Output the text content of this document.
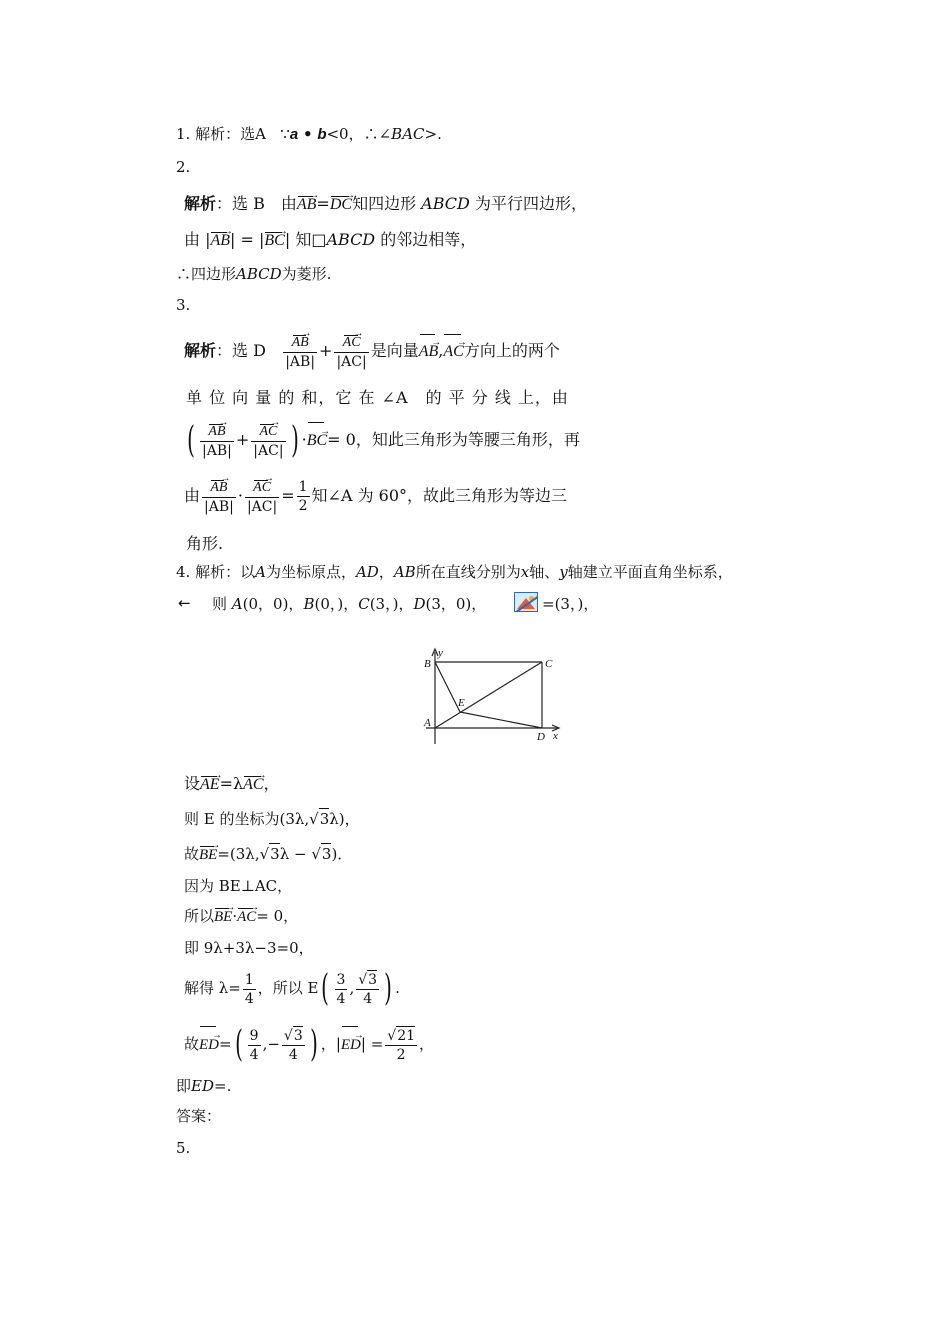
1. 解析：选A ∵a • b<0，∴∠BAC>.
2.
解析：选 B　由AB →=DC →知四边形 ABCD 为平行四边形，
由 |AB →| = |BC →| 知□ABCD 的邻边相等，
∴四边形ABCD为菱形.
3.
解析：选 D $\frac{AB \to}{|AB|} + \frac{AC \to}{|AC|}$ 是向量AB →,AC →方向上的两个
单 位 向 量 的 和，它 在 ∠A　的 平 分 线 上，由
( $\frac{AB \to}{|AB|} + \frac{AC \to}{|AC|}$ ) ·BC →= 0，知此三角形为等腰三角形，再
由 $\frac{AB \to}{|AB|} \cdot \frac{AC \to}{|AC|} = \frac{1}{2}$ 知∠A 为 60°，故此三角形为等边三
角形.
4. 解析：以A为坐标原点，AD，AB所在直线分别为x轴、y轴建立平面直角坐标系，
← 则 A(0，0)，B(0，)，C(3，)，D(3，0)，	=(3，)，
B
y
C
E
A
D x
设AE →=λAC →，
则 E 的坐标为(3λ,√3λ)，
故BE →=(3λ,√3λ − √3)．
因为 BE⊥AC，
所以BE →·AC →= 0，
即 9λ+3λ−3=0，
解得 $\lambda= \frac{1}{4}$ ，所以 $E( \frac{3}{4}$ , $\frac{√3}{4}$ ) .
故ED →=( $\frac{9}{4}$ ,− $\frac{√3}{4}$ ) ，|ED →| = $\frac{√21}{2}$ ，
即ED=.
答案：
5.
